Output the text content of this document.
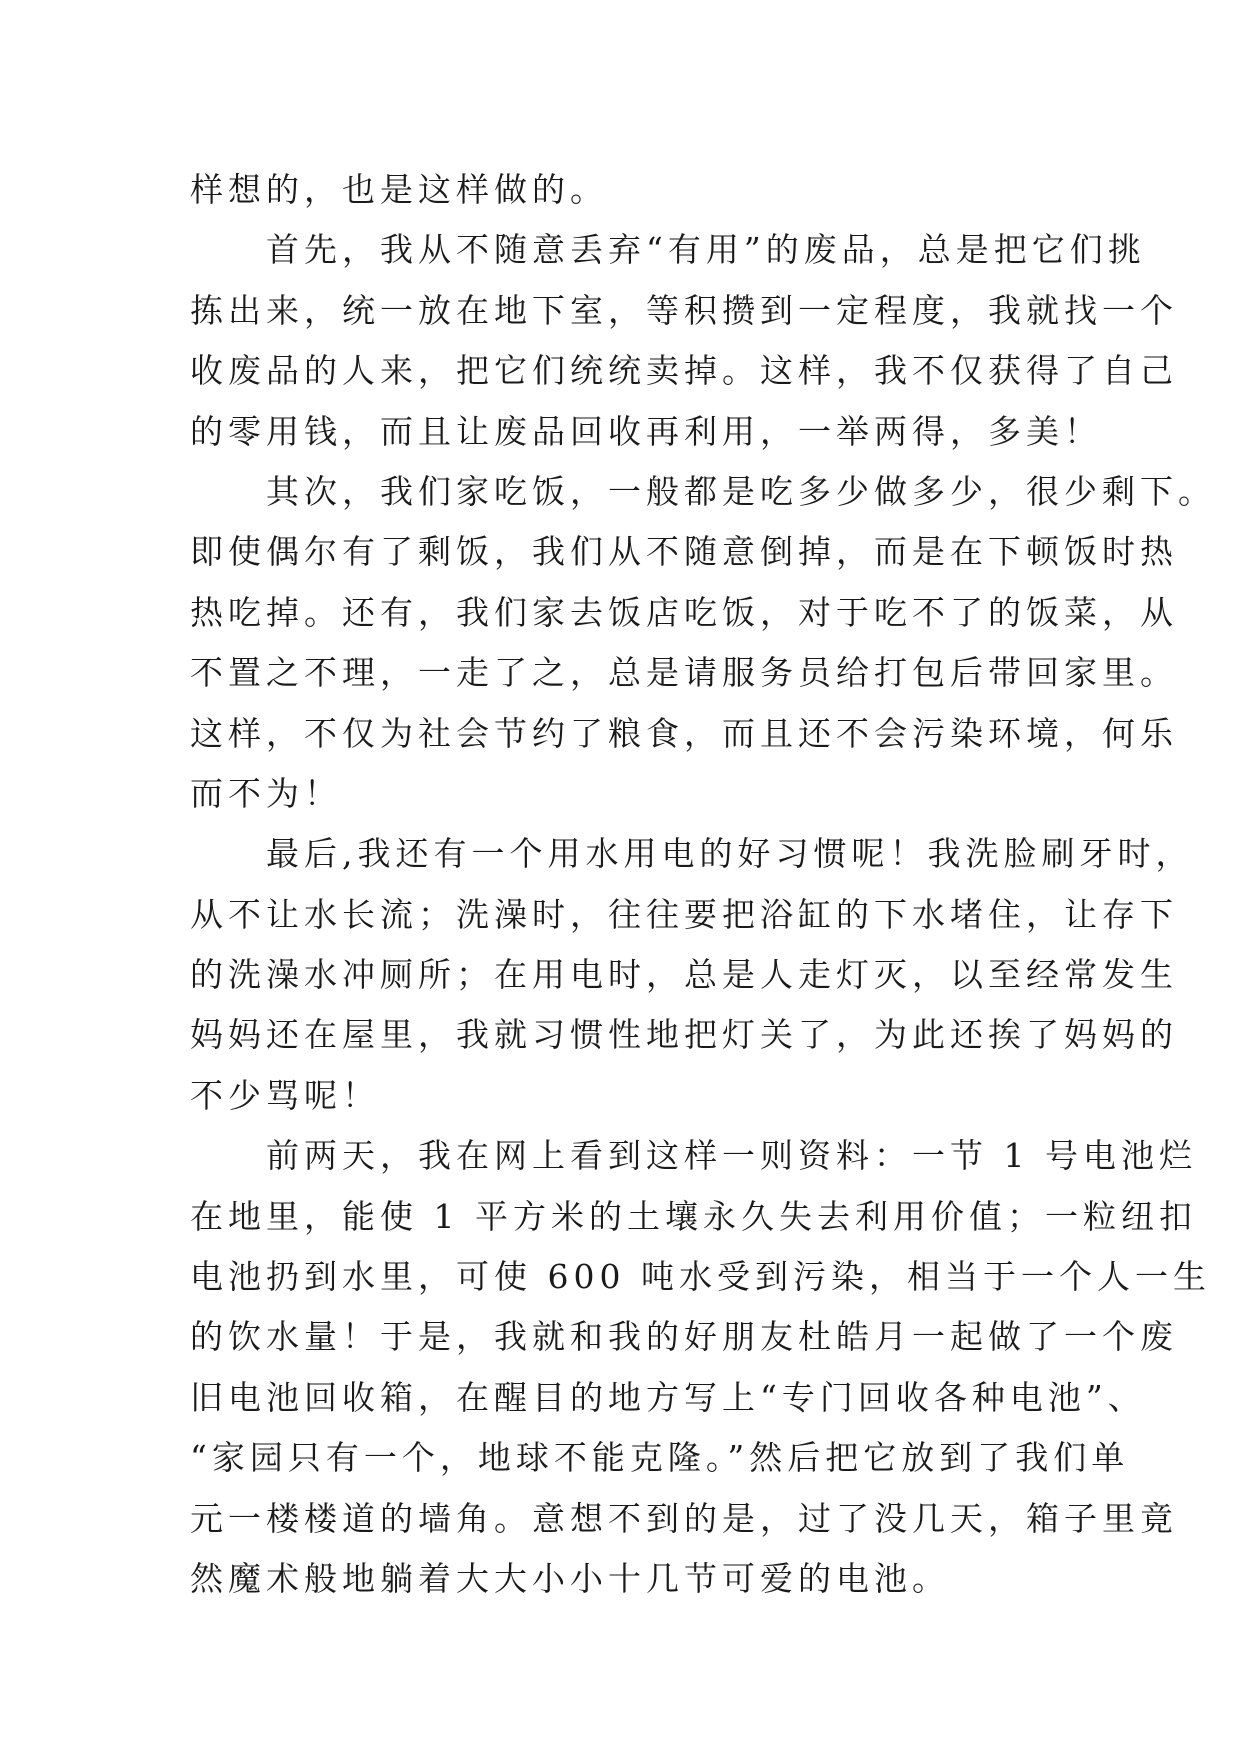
样想的，也是这样做的。
首先，我从不随意丢弃“有用”的废品，总是把它们挑
拣出来，统一放在地下室，等积攒到一定程度，我就找一个
收废品的人来，把它们统统卖掉。这样，我不仅获得了自己
的零用钱，而且让废品回收再利用，一举两得，多美！
其次，我们家吃饭，一般都是吃多少做多少，很少剩下。
即使偶尔有了剩饭，我们从不随意倒掉，而是在下顿饭时热
热吃掉。还有，我们家去饭店吃饭，对于吃不了的饭菜，从
不置之不理，一走了之，总是请服务员给打包后带回家里。
这样，不仅为社会节约了粮食，而且还不会污染环境，何乐
而不为！
最后,我还有一个用水用电的好习惯呢！我洗脸刷牙时，
从不让水长流；洗澡时，往往要把浴缸的下水堵住，让存下
的洗澡水冲厕所；在用电时，总是人走灯灭，以至经常发生
妈妈还在屋里，我就习惯性地把灯关了，为此还挨了妈妈的
不少骂呢！
前两天，我在网上看到这样一则资料：一节 1 号电池烂
在地里，能使 1 平方米的土壤永久失去利用价值；一粒纽扣
电池扔到水里，可使 600 吨水受到污染，相当于一个人一生
的饮水量！于是，我就和我的好朋友杜皓月一起做了一个废
旧电池回收箱，在醒目的地方写上“专门回收各种电池”、
“家园只有一个，地球不能克隆。”然后把它放到了我们单
元一楼楼道的墙角。意想不到的是，过了没几天，箱子里竟
然魔术般地躺着大大小小十几节可爱的电池。
